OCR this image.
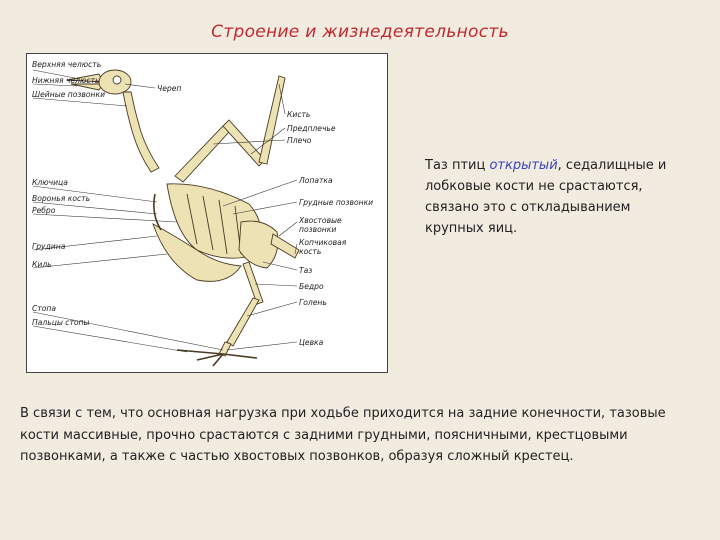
Строение и жизнедеятельность
Верхняя челюсть
Нижняя челюсть
Шейные позвонки
Ключица
Воронья кость
Ребро
Грудина
Киль
Стопа
Пальцы стопы
Череп
Кисть
Предплечье
Плечо
Лопатка
Грудные позвонки
Хвостовые
позвонки
Копчиковая
кость
Таз
Бедро
Голень
Цевка
Таз птиц открытый, седалищные и лобковые кости не срастаются, связано это с откладыванием крупных яиц.
В связи с тем, что основная нагрузка при ходьбе приходится на задние конечности, тазовые кости массивные, прочно срастаются с задними грудными, поясничными, крестцовыми позвонками, а также с частью хвостовых позвонков, образуя сложный крестец.
